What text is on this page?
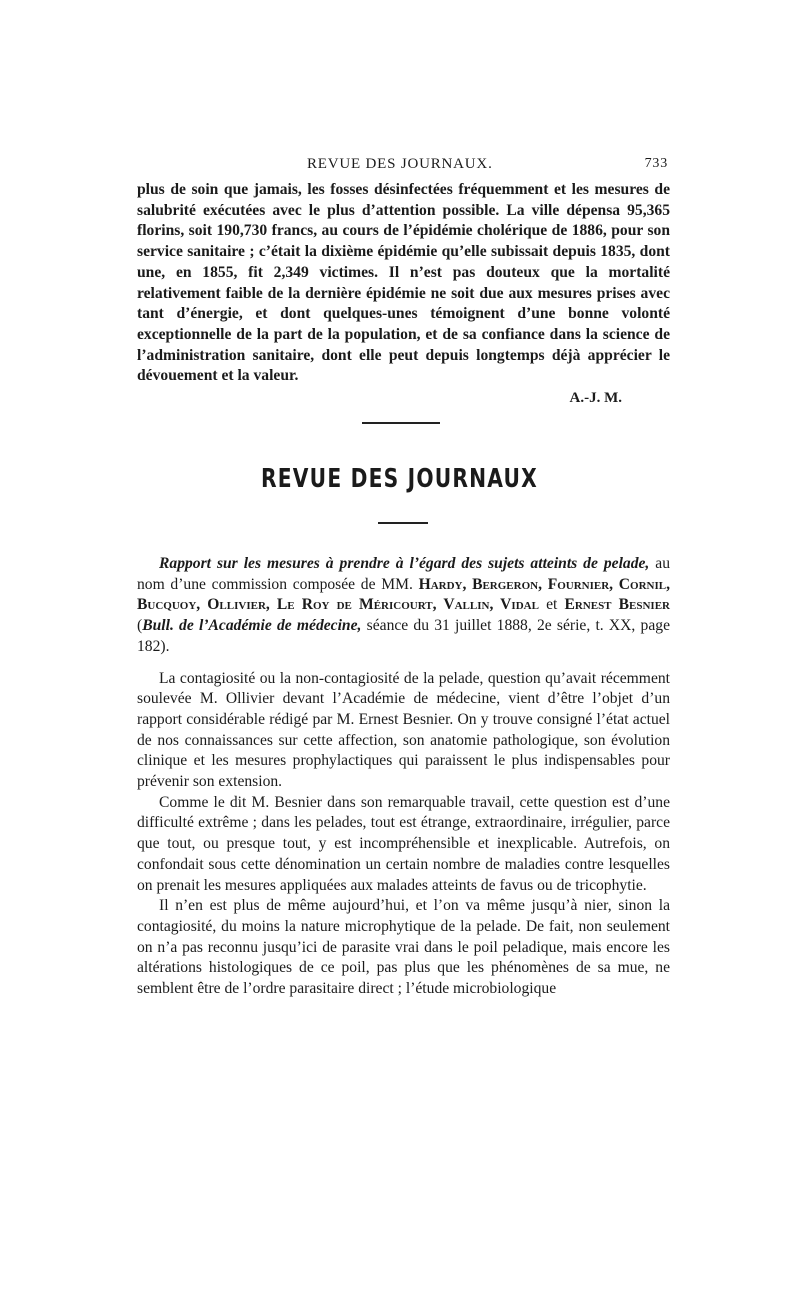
REVUE DES JOURNAUX.	733

plus de soin que jamais, les fosses désinfectées fréquemment et les mesures de salubrité exécutées avec le plus d’attention possible. La ville dépensa 95,365 florins, soit 190,730 francs, au cours de l’épidémie cholérique de 1886, pour son service sanitaire ; c’était la dixième épidémie qu’elle subissait depuis 1835, dont une, en 1855, fit 2,349 victimes. Il n’est pas douteux que la mortalité relativement faible de la dernière épidémie ne soit due aux mesures prises avec tant d’énergie, et dont quelques-unes témoignent d’une bonne volonté exceptionnelle de la part de la population, et de sa confiance dans la science de l’administration sanitaire, dont elle peut depuis longtemps déjà apprécier le dévouement et la valeur.

A.-J. M.
REVUE DES JOURNAUX

Rapport sur les mesures à prendre à l’égard des sujets atteints de pelade, au nom d’une commission composée de MM. Hardy, Bergeron, Fournier, Cornil, Bucquoy, Ollivier, Le Roy de Méricourt, Vallin, Vidal et Ernest Besnier (Bull. de l’Académie de médecine, séance du 31 juillet 1888, 2e série, t. XX, page 182).

La contagiosité ou la non-contagiosité de la pelade, question qu’avait récemment soulevée M. Ollivier devant l’Académie de médecine, vient d’être l’objet d’un rapport considérable rédigé par M. Ernest Besnier. On y trouve consigné l’état actuel de nos connaissances sur cette affection, son anatomie pathologique, son évolution clinique et les mesures prophylactiques qui paraissent le plus indispensables pour prévenir son extension.

Comme le dit M. Besnier dans son remarquable travail, cette question est d’une difficulté extrême ; dans les pelades, tout est étrange, extraordinaire, irrégulier, parce que tout, ou presque tout, y est incompréhensible et inexplicable. Autrefois, on confondait sous cette dénomination un certain nombre de maladies contre lesquelles on prenait les mesures appliquées aux malades atteints de favus ou de tricophytie.

Il n’en est plus de même aujourd’hui, et l’on va même jusqu’à nier, sinon la contagiosité, du moins la nature microphytique de la pelade. De fait, non seulement on n’a pas reconnu jusqu’ici de parasite vrai dans le poil peladique, mais encore les altérations histologiques de ce poil, pas plus que les phénomènes de sa mue, ne semblent être de l’ordre parasitaire direct ; l’étude microbiologique
